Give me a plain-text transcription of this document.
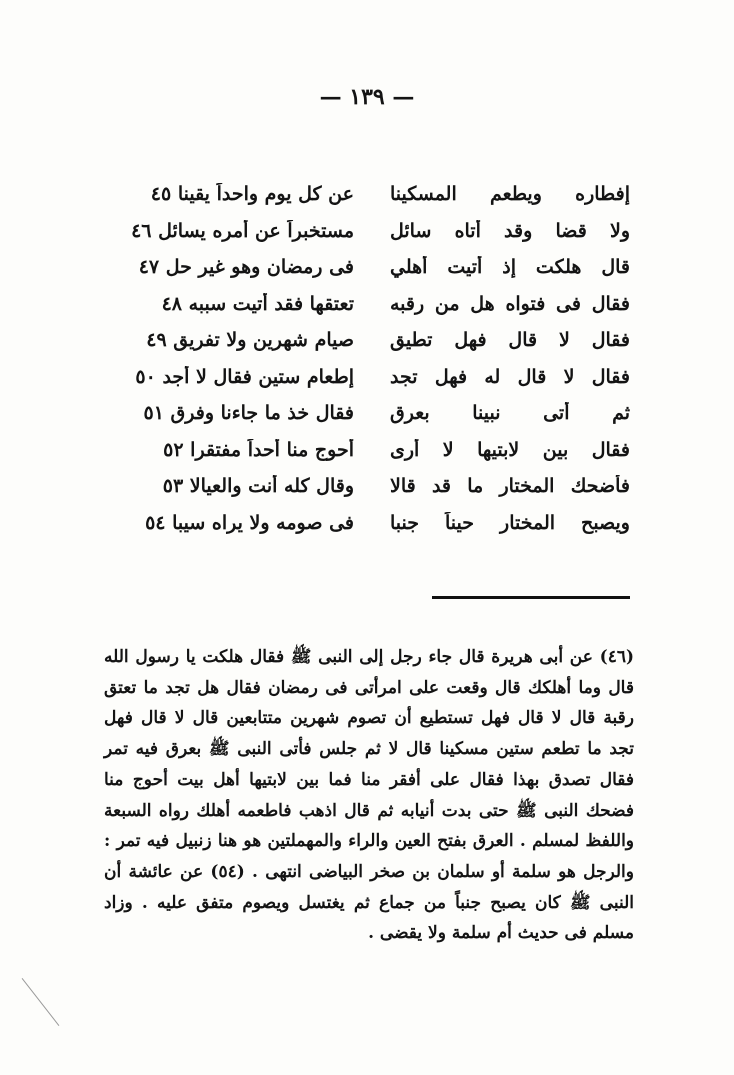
— ١٣٩ —
إفطاره ويطعم المسكينا
عن كل يوم واحداً يقينا ٤٥
ولا قضا وقد أتاه سائل
مستخبراً عن أمره يسائل ٤٦
قال هلكت إذ أتيت أهلي
فى رمضان وهو غير حل ٤٧
فقال فى فتواه هل من رقبه
تعتقها فقد أتيت سببه ٤٨
فقال لا قال فهل تطيق
صيام شهرين ولا تفريق ٤٩
فقال لا قال له فهل تجد
إطعام ستين فقال لا أجد ٥٠
ثم أتى نبينا بعرق
فقال خذ ما جاءنا وفرق ٥١
فقال بين لابتيها لا أرى
أحوج منا أحداً مفتقرا ٥٢
فأضحك المختار ما قد قالا
وقال كله أنت والعيالا ٥٣
ويصبح المختار حيناً جنبا
فى صومه ولا يراه سيبا ٥٤
(٤٦) عن أبى هريرة قال جاء رجل إلى النبى ﷺ فقال هلكت يا رسول الله قال وما أهلكك قال وقعت على امرأتى فى رمضان فقال هل تجد ما تعتق رقبة قال لا قال فهل تستطيع أن تصوم شهرين متتابعين قال لا قال فهل تجد ما تطعم ستين مسكينا قال لا ثم جلس فأتى النبى ﷺ بعرق فيه تمر فقال تصدق بهذا فقال على أفقر منا فما بين لابتيها أهل بيت أحوج منا فضحك النبى ﷺ حتى بدت أنيابه ثم قال اذهب فاطعمه أهلك رواه السبعة واللفظ لمسلم . العرق بفتح العين والراء والمهملتين هو هنا زنبيل فيه تمر : والرجل هو سلمة أو سلمان بن صخر البياضى انتهى . (٥٤) عن عائشة أن النبى ﷺ كان يصبح جنباً من جماع ثم يغتسل ويصوم متفق عليه . وزاد مسلم فى حديث أم سلمة ولا يقضى .
